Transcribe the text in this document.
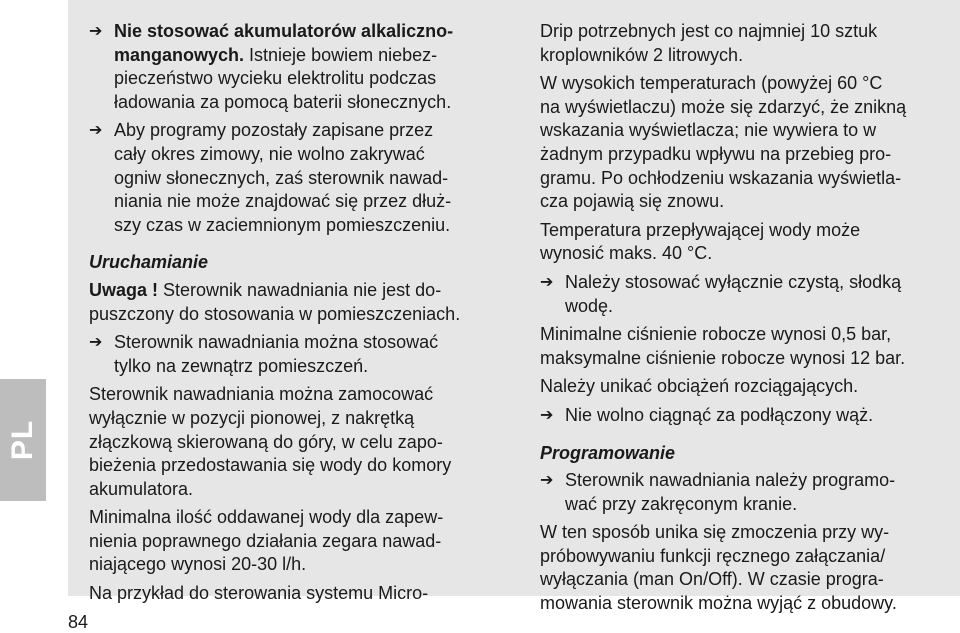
PL
84
➔ Nie stosować akumulatorów alkaliczno-
manganowych. Istnieje bowiem niebez-
pieczeństwo wycieku elektrolitu podczas
ładowania za pomocą baterii słonecznych.
➔ Aby programy pozostały zapisane przez
cały okres zimowy, nie wolno zakrywać
ogniw słonecznych, zaś sterownik nawad-
niania nie może znajdować się przez dłuż-
szy czas w zaciemnionym pomieszczeniu.
Uruchamianie
Uwaga ! Sterownik nawadniania nie jest do-
puszczony do stosowania w pomieszczeniach.
➔ Sterownik nawadniania można stosować
tylko na zewnątrz pomieszczeń.
Sterownik nawadniania można zamocować
wyłącznie w pozycji pionowej, z nakrętką
złączkową skierowaną do góry, w celu zapo-
bieżenia przedostawania się wody do komory
akumulatora.
Minimalna ilość oddawanej wody dla zapew-
nienia poprawnego działania zegara nawad-
niającego wynosi 20-30 l/h.
Na przykład do sterowania systemu Micro-
Drip potrzebnych jest co najmniej 10 sztuk
kroplowników 2 litrowych.
W wysokich temperaturach (powyżej 60 °C
na wyświetlaczu) może się zdarzyć, że znikną
wskazania wyświetlacza; nie wywiera to w
żadnym przypadku wpływu na przebieg pro-
gramu. Po ochłodzeniu wskazania wyświetla-
cza pojawią się znowu.
Temperatura przepływającej wody może
wynosić maks. 40 °C.
➔ Należy stosować wyłącznie czystą, słodką
wodę.
Minimalne ciśnienie robocze wynosi 0,5 bar,
maksymalne ciśnienie robocze wynosi 12 bar.
Należy unikać obciążeń rozciągających.
➔ Nie wolno ciągnąć za podłączony wąż.
Programowanie
➔ Sterownik nawadniania należy programo-
wać przy zakręconym kranie.
W ten sposób unika się zmoczenia przy wy-
próbowywaniu funkcji ręcznego załączania/
wyłączania (man On/Off). W czasie progra-
mowania sterownik można wyjąć z obudowy.
